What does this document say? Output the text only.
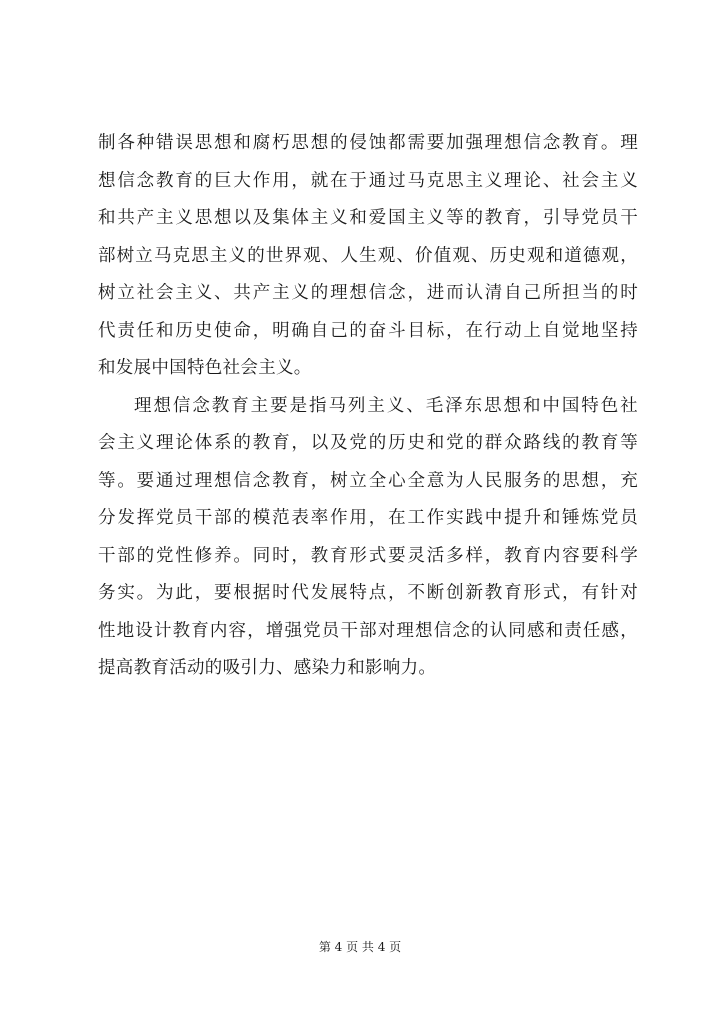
制各种错误思想和腐朽思想的侵蚀都需要加强理想信念教育。理
想信念教育的巨大作用，就在于通过马克思主义理论、社会主义
和共产主义思想以及集体主义和爱国主义等的教育，引导党员干
部树立马克思主义的世界观、人生观、价值观、历史观和道德观，
树立社会主义、共产主义的理想信念，进而认清自己所担当的时
代责任和历史使命，明确自己的奋斗目标，在行动上自觉地坚持
和发展中国特色社会主义。
理想信念教育主要是指马列主义、毛泽东思想和中国特色社
会主义理论体系的教育，以及党的历史和党的群众路线的教育等
等。要通过理想信念教育，树立全心全意为人民服务的思想，充
分发挥党员干部的模范表率作用，在工作实践中提升和锤炼党员
干部的党性修养。同时，教育形式要灵活多样，教育内容要科学
务实。为此，要根据时代发展特点，不断创新教育形式，有针对
性地设计教育内容，增强党员干部对理想信念的认同感和责任感，
提高教育活动的吸引力、感染力和影响力。
第 4 页 共 4 页
